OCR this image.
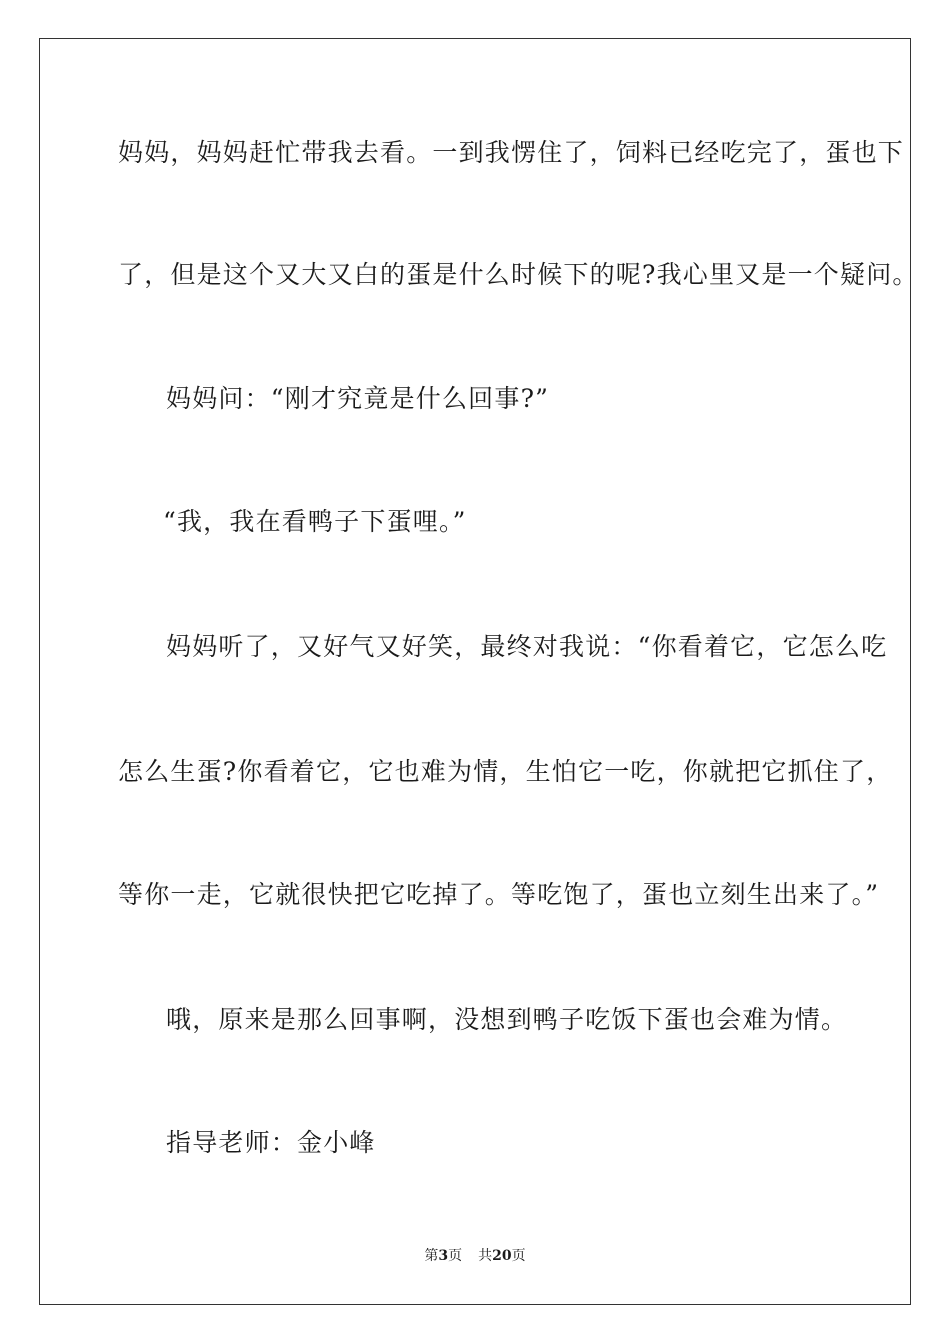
妈妈，妈妈赶忙带我去看。一到我愣住了，饲料已经吃完了，蛋也下
了，但是这个又大又白的蛋是什么时候下的呢?我心里又是一个疑问。
妈妈问：“刚才究竟是什么回事?”
“我，我在看鸭子下蛋哩。”
妈妈听了，又好气又好笑，最终对我说：“你看着它，它怎么吃
怎么生蛋?你看着它，它也难为情，生怕它一吃，你就把它抓住了，
等你一走，它就很快把它吃掉了。等吃饱了，蛋也立刻生出来了。”
哦，原来是那么回事啊，没想到鸭子吃饭下蛋也会难为情。
指导老师：金小峰
第3页 共20页
